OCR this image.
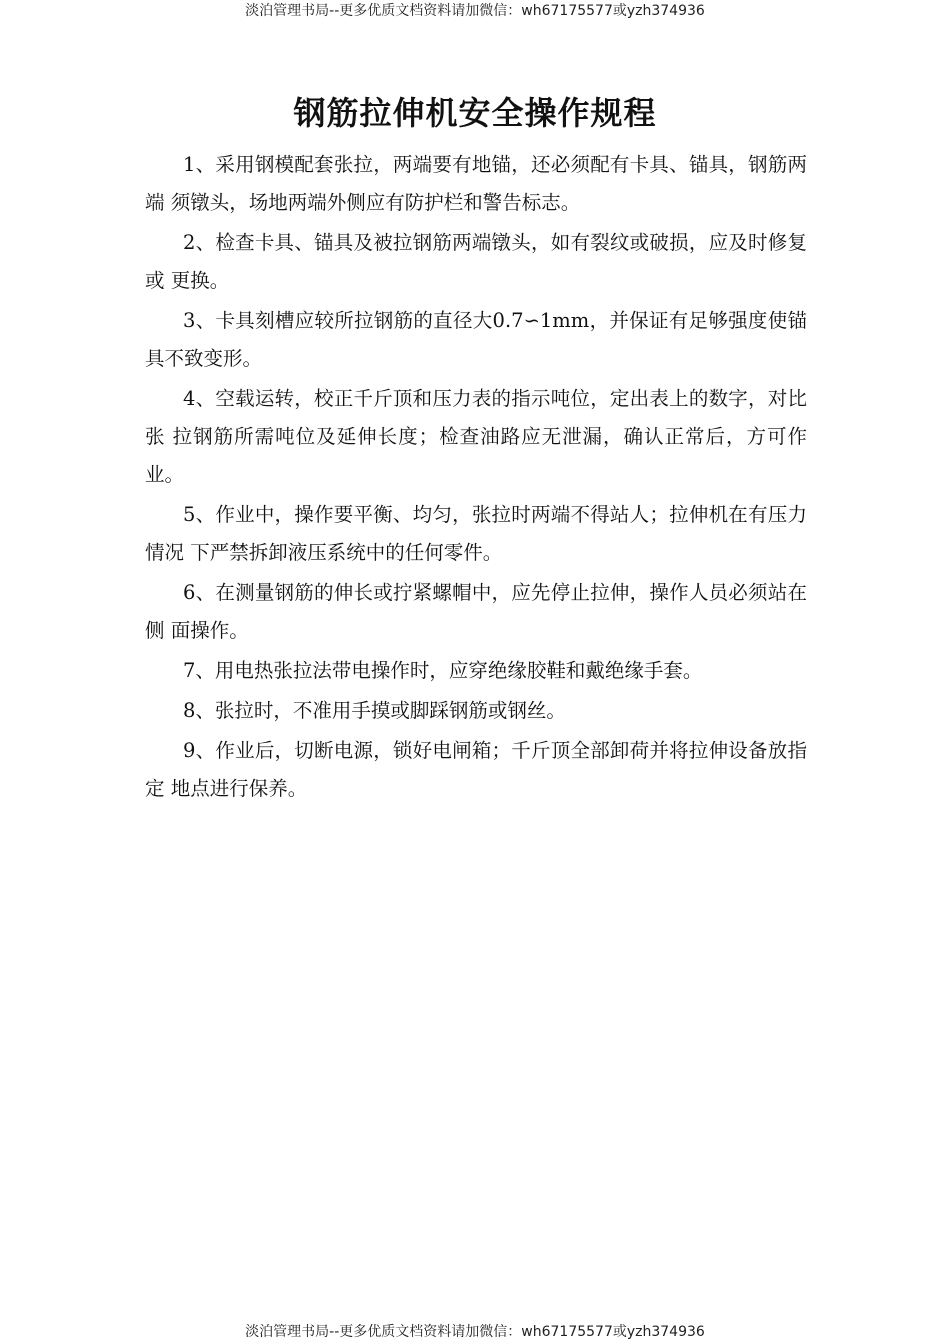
淡泊管理书局--更多优质文档资料请加微信：wh67175577或yzh374936
钢筋拉伸机安全操作规程

1、采用钢模配套张拉，两端要有地锚，还必须配有卡具、锚具，钢筋两端 须镦头，场地两端外侧应有防护栏和警告标志。

2、检查卡具、锚具及被拉钢筋两端镦头，如有裂纹或破损，应及时修复或 更换。

3、卡具刻槽应较所拉钢筋的直径大0.7∽1mm，并保证有足够强度使锚具不致变形。

4、空载运转，校正千斤顶和压力表的指示吨位，定出表上的数字，对比张 拉钢筋所需吨位及延伸长度；检查油路应无泄漏，确认正常后，方可作业。

5、作业中，操作要平衡、均匀，张拉时两端不得站人；拉伸机在有压力情况 下严禁拆卸液压系统中的任何零件。

6、在测量钢筋的伸长或拧紧螺帽中，应先停止拉伸，操作人员必须站在侧 面操作。

7、用电热张拉法带电操作时，应穿绝缘胶鞋和戴绝缘手套。

8、张拉时，不准用手摸或脚踩钢筋或钢丝。

9、作业后，切断电源，锁好电闸箱；千斤顶全部卸荷并将拉伸设备放指定 地点进行保养。

淡泊管理书局--更多优质文档资料请加微信：wh67175577或yzh374936
